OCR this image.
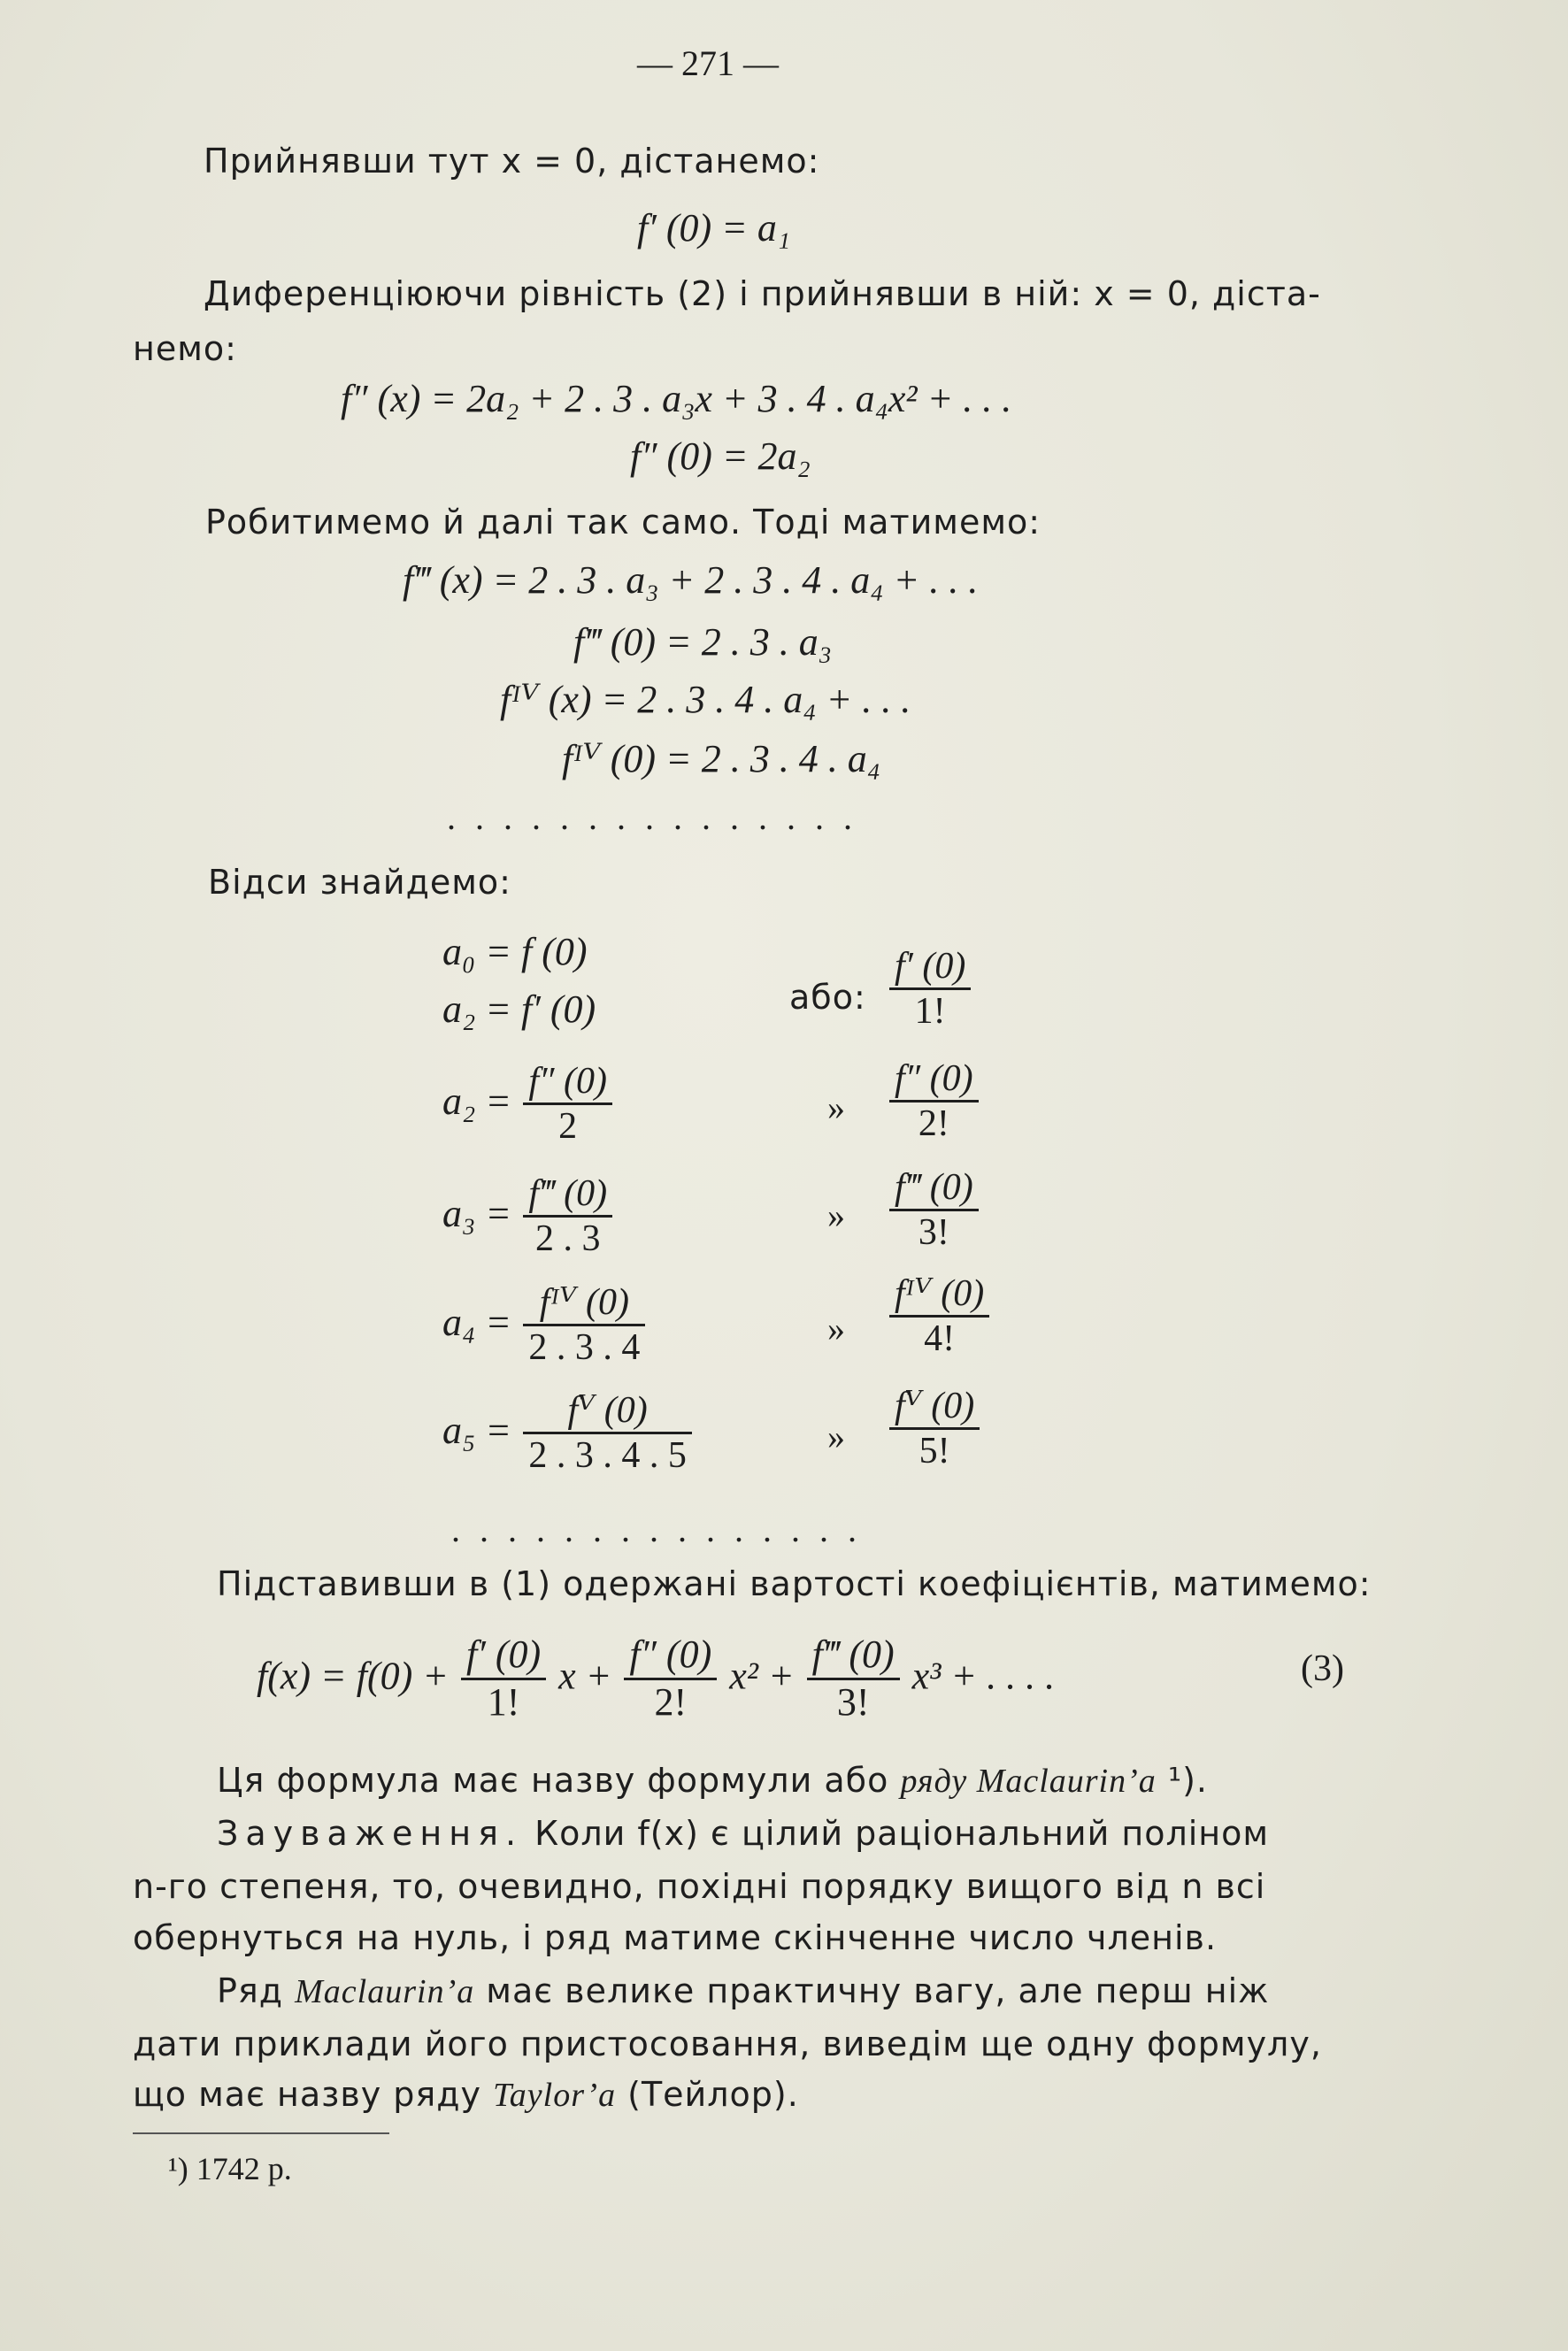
— 271 —
Прийнявши тут x = 0, дістанемо:
f′ (0) = a₁
Диференціюючи рівність (2) і прийнявши в ній: x = 0, діста-
немо:
f″ (x) = 2a₂ + 2 . 3 . a₃x + 3 . 4 . a₄x² + . . .
f″ (0) = 2a₂
Робитимемо й далі так само. Тоді матимемо:
f‴ (x) = 2 . 3 . a₃ + 2 . 3 . 4 . a₄ + . . .
f‴ (0) = 2 . 3 . a₃
fᴵⱽ (x) = 2 . 3 . 4 . a₄ + . . .
fᴵⱽ (0) = 2 . 3 . 4 . a₄
...............
Відси знайдемо:
a₀ = f (0)
a₂ = f′ (0)	або: $\frac{f' (0)}{1!}$
$a_2 = \frac{f'' (0)}{2}$	» $\frac{f'' (0)}{2!}$
$a_3 = \frac{f‴ (0)}{2 . 3}$	» $\frac{f‴ (0)}{3!}$
$a_4 = \frac{\text{fᴵⱽ (0)}}{2 . 3 . 4}$	» $\frac{\text{fᴵⱽ (0)}}{4!}$
$a_5 = \frac{\text{fⱽ (0)}}{2 . 3 . 4 . 5}$	» $\frac{\text{fⱽ (0)}}{5!}$
...............
Підставивши в (1) одержані вартості коефіцієнтів, матимемо:
$f(x) = f(0) + \frac{f' (0)}{1!}$ $x + \frac{f'' (0)}{2!} x^2 + \frac{f‴ (0)}{3!} x^3$ + . . . .	(3)
Ця формула має назву формули або ряду Maclaurin’a ¹).
Зауваження. Коли f(x) є цілий раціональний поліном
n-го степеня, то, очевидно, похідні порядку вищого від n всі
обернуться на нуль, і ряд матиме скінченне число членів.
Ряд Maclaurin’a має велике практичну вагу, але перш ніж
дати приклади його пристосовання, виведім ще одну формулу,
що має назву ряду Taylor’a (Тейлор).
¹) 1742 р.
